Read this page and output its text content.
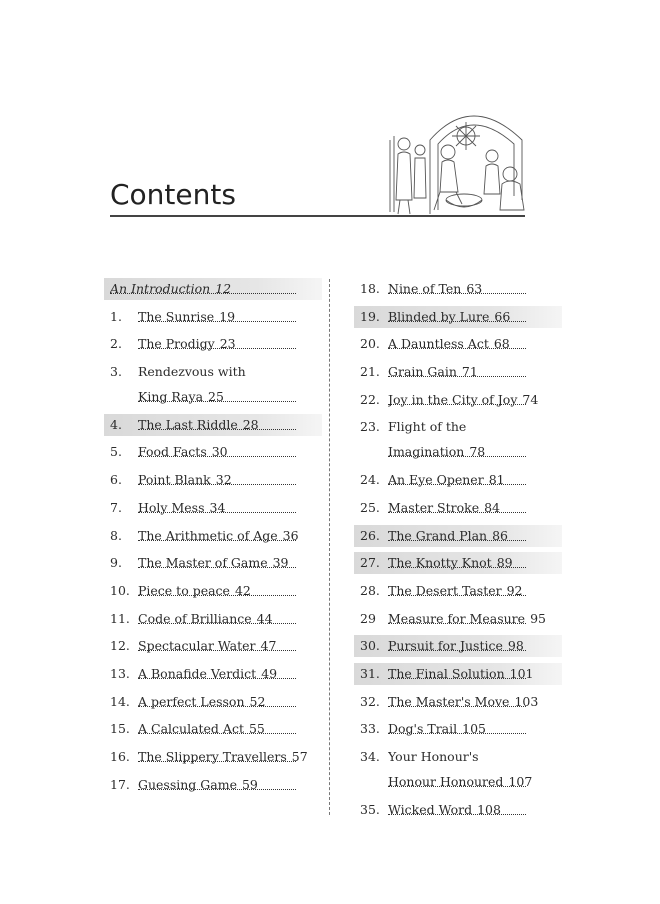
Contents
An Introduction 12
1.	The Sunrise 19
2.	The Prodigy 23
3.	Rendezvous with
King Raya 25
4.	The Last Riddle 28
5.	Food Facts 30
6.	Point Blank 32
7.	Holy Mess 34
8.	The Arithmetic of Age 36
9.	The Master of Game 39
10. Piece to peace 42
11. Code of Brilliance 44
12. Spectacular Water 47
13. A Bonafide Verdict 49
14. A perfect Lesson 52
15. A Calculated Act 55
16. The Slippery Travellers 57
17. Guessing Game 59
18. Nine of Ten 63
19. Blinded by Lure 66
20. A Dauntless Act 68
21. Grain Gain 71
22. Joy in the City of Joy 74
23. Flight of the
Imagination 78
24. An Eye Opener 81
25. Master Stroke 84
26. The Grand Plan 86
27. The Knotty Knot 89
28. The Desert Taster 92
29 Measure for Measure 95
30. Pursuit for Justice 98
31. The Final Solution 101
32. The Master's Move 103
33. Dog's Trail 105
34. Your Honour's
Honour Honoured 107
35. Wicked Word 108
